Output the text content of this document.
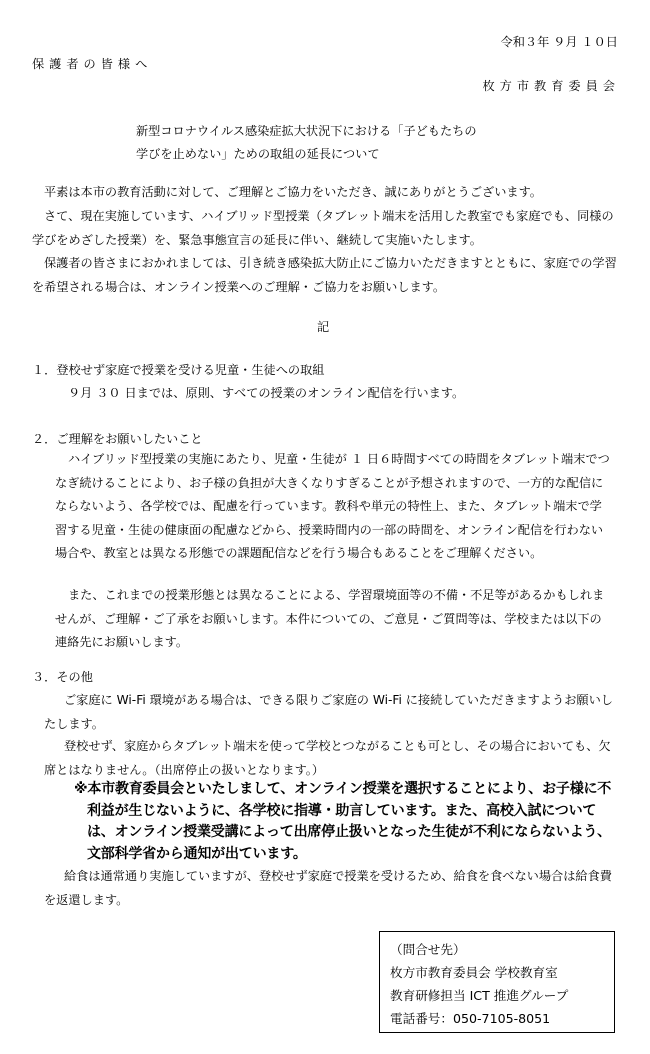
令和３年 ９月 １０日
保護者の皆様へ
枚方市教育委員会
新型コロナウイルス感染症拡大状況下における「子どもたちの
学びを止めない」ための取組の延長について
平素は本市の教育活動に対して、ご理解とご協力をいただき、誠にありがとうございます。
さて、現在実施しています、ハイブリッド型授業（タブレット端末を活用した教室でも家庭でも、同様の学びをめざした授業）を、緊急事態宣言の延長に伴い、継続して実施いたします。
保護者の皆さまにおかれましては、引き続き感染拡大防止にご協力いただきますとともに、家庭での学習を希望される場合は、オンライン授業へのご理解・ご協力をお願いします。
記
１．登校せず家庭で授業を受ける児童・生徒への取組
９月 ３０ 日までは、原則、すべての授業のオンライン配信を行います。
２．ご理解をお願いしたいこと
ハイブリッド型授業の実施にあたり、児童・生徒が １ 日６時間すべての時間をタブレット端末でつなぎ続けることにより、お子様の負担が大きくなりすぎることが予想されますので、一方的な配信にならないよう、各学校では、配慮を行っています。教科や単元の特性上、また、タブレット端末で学習する児童・生徒の健康面の配慮などから、授業時間内の一部の時間を、オンライン配信を行わない場合や、教室とは異なる形態での課題配信などを行う場合もあることをご理解ください。
また、これまでの授業形態とは異なることによる、学習環境面等の不備・不足等があるかもしれませんが、ご理解・ご了承をお願いします。本件についての、ご意見・ご質問等は、学校または以下の連絡先にお願いします。
３．その他
ご家庭に Wi-Fi 環境がある場合は、できる限りご家庭の Wi-Fi に接続していただきますようお願いしたします。
登校せず、家庭からタブレット端末を使って学校とつながることも可とし、その場合においても、欠席とはなりません。（出席停止の扱いとなります。）
※本市教育委員会といたしまして、オンライン授業を選択することにより、お子様に不利益が生じないように、各学校に指導・助言しています。また、高校入試については、オンライン授業受講によって出席停止扱いとなった生徒が不利にならないよう、文部科学省から通知が出ています。
給食は通常通り実施していますが、登校せず家庭で授業を受けるため、給食を食べない場合は給食費を返還します。
（問合せ先）
枚方市教育委員会 学校教育室
教育研修担当 ICT 推進グループ
電話番号：050-7105-8051
